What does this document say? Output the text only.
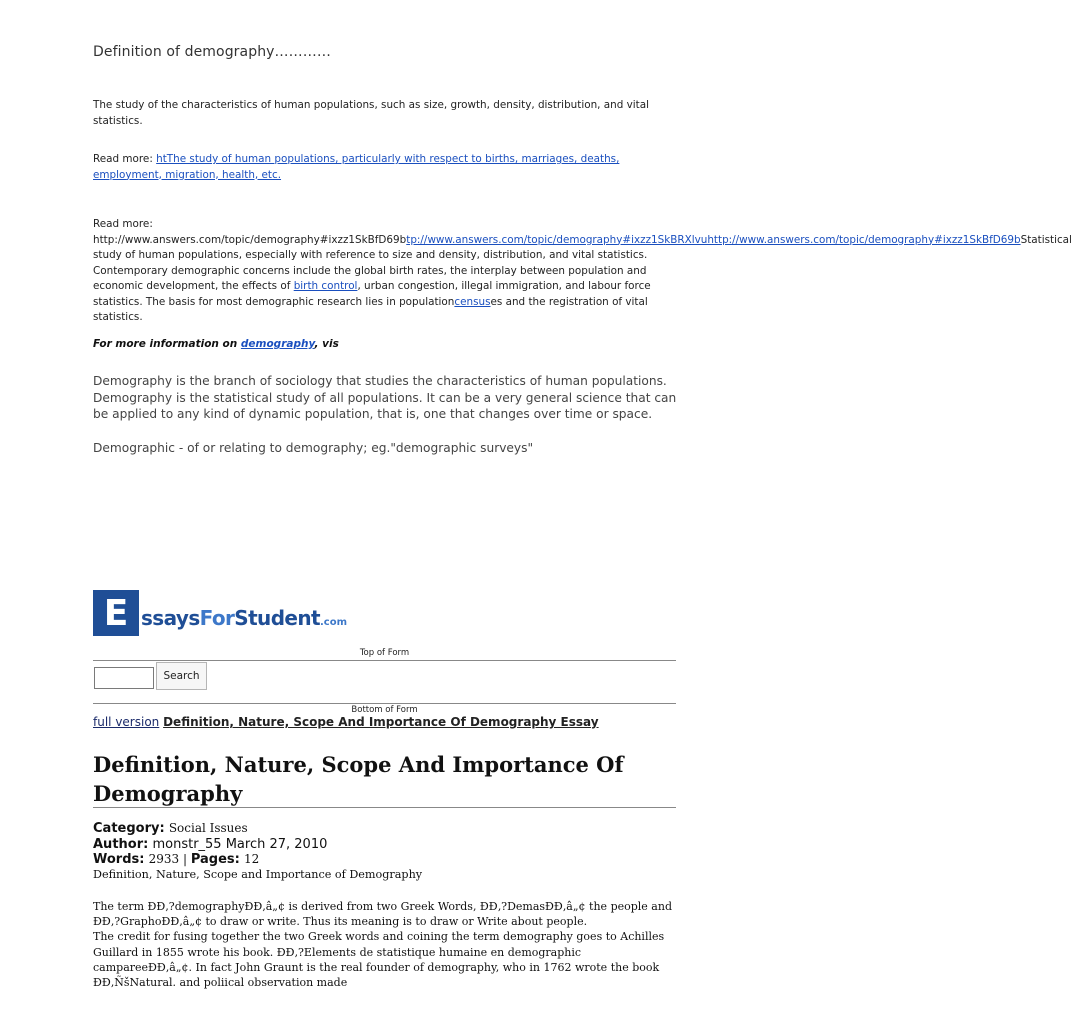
Definition of demography…………
The study of the characteristics of human populations, such as size, growth, density, distribution, and vital statistics.
Read more: htThe study of human populations, particularly with respect to births, marriages, deaths, employment, migration, health, etc.
Read more: http://www.answers.com/topic/demography#ixzz1SkBfD69btp://www.answers.com/topic/demography#ixzz1SkBRXlvuhttp://www.answers.com/topic/demography#ixzz1SkBfD69bStatistical study of human populations, especially with reference to size and density, distribution, and vital statistics. Contemporary demographic concerns include the global birth rates, the interplay between population and economic development, the effects of birth control, urban congestion, illegal immigration, and labour force statistics. The basis for most demographic research lies in populationcensuses and the registration of vital statistics.
For more information on demography, vis

Demography is the branch of sociology that studies the characteristics of human populations. Demography is the statistical study of all populations. It can be a very general science that can be applied to any kind of dynamic population, that is, one that changes over time or space.

Demographic - of or relating to demography; eg."demographic surveys"

E ssaysForStudent.com
Top of Form
Search
Bottom of Form
full version Definition, Nature, Scope And Importance Of Demography Essay
Definition, Nature, Scope And Importance Of Demography
Category: Social Issues
Author: monstr_55 March 27, 2010
Words: 2933 | Pages: 12
Definition, Nature, Scope and Importance of Demography
The term ÐÐ‚?demographyÐÐ‚â„¢ is derived from two Greek Words, ÐÐ‚?DemasÐÐ‚â„¢ the people and ÐÐ‚?GraphoÐÐ‚â„¢ to draw or write. Thus its meaning is to draw or Write about people.
The credit for fusing together the two Greek words and coining the term demography goes to Achilles Guillard in 1855 wrote his book. ÐÐ‚?Elements de statistique humaine en demographic campareeÐÐ‚â„¢. In fact John Graunt is the real founder of demography, who in 1762 wrote the book ÐÐ‚ÑšNatural. and poliical observation made
